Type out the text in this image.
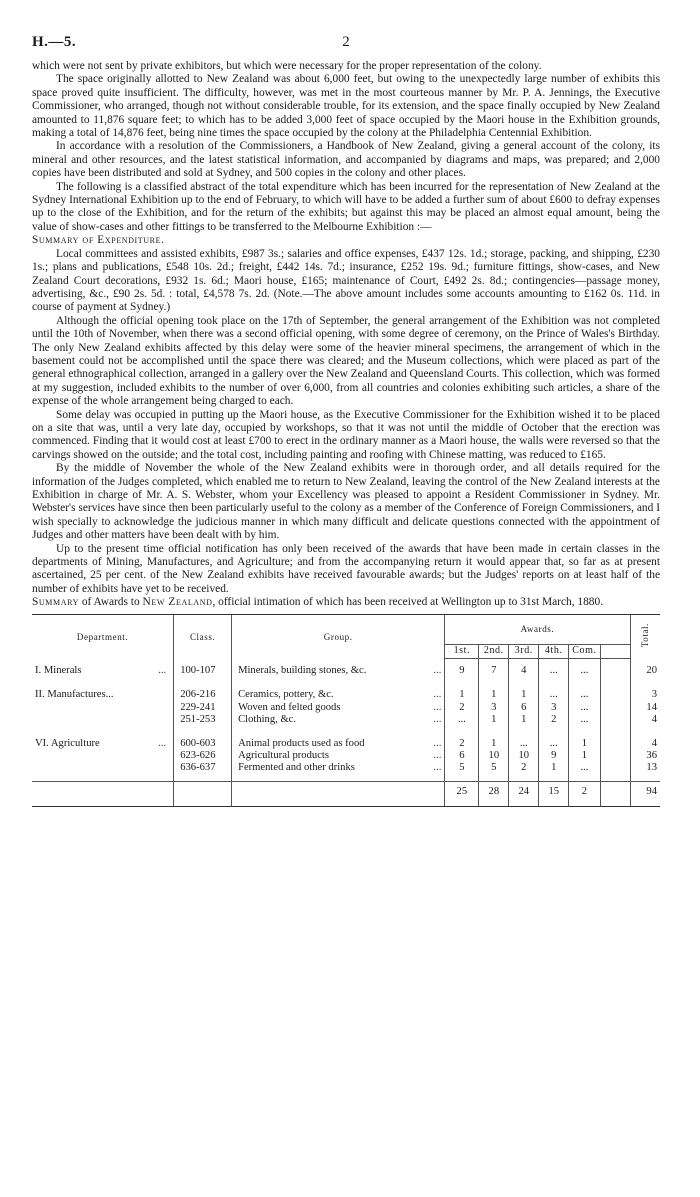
H.—5.	2

which were not sent by private exhibitors, but which were necessary for the proper representation of the colony.

The space originally allotted to New Zealand was about 6,000 feet, but owing to the unexpectedly large number of exhibits this space proved quite insufficient. The difficulty, however, was met in the most courteous manner by Mr. P. A. Jennings, the Executive Commissioner, who arranged, though not without considerable trouble, for its extension, and the space finally occupied by New Zealand amounted to 11,876 square feet; to which has to be added 3,000 feet of space occupied by the Maori house in the Exhibition grounds, making a total of 14,876 feet, being nine times the space occupied by the colony at the Philadelphia Centennial Exhibition.

In accordance with a resolution of the Commissioners, a Handbook of New Zealand, giving a general account of the colony, its mineral and other resources, and the latest statistical information, and accompanied by diagrams and maps, was prepared; and 2,000 copies have been distributed and sold at Sydney, and 500 copies in the colony and other places.

The following is a classified abstract of the total expenditure which has been incurred for the representation of New Zealand at the Sydney International Exhibition up to the end of February, to which will have to be added a further sum of about £600 to defray expenses up to the close of the Exhibition, and for the return of the exhibits; but against this may be placed an almost equal amount, being the value of show-cases and other fittings to be transferred to the Melbourne Exhibition :—

Summary of Expenditure.

Local committees and assisted exhibits, £987 3s.; salaries and office expenses, £437 12s. 1d.; storage, packing, and shipping, £230 1s.; plans and publications, £548 10s. 2d.; freight, £442 14s. 7d.; insurance, £252 19s. 9d.; furniture fittings, show-cases, and New Zealand Court decorations, £932 1s. 6d.; Maori house, £165; maintenance of Court, £492 2s. 8d.; contingencies—passage money, advertising, &c., £90 2s. 5d. : total, £4,578 7s. 2d. (Note.—The above amount includes some accounts amounting to £162 0s. 11d. in course of payment at Sydney.)

Although the official opening took place on the 17th of September, the general arrangement of the Exhibition was not completed until the 10th of November, when there was a second official opening, with some degree of ceremony, on the Prince of Wales's Birthday. The only New Zealand exhibits affected by this delay were some of the heavier mineral specimens, the arrangement of which in the basement could not be accomplished until the space there was cleared; and the Museum collections, which were placed as part of the general ethnographical collection, arranged in a gallery over the New Zealand and Queensland Courts. This collection, which was formed at my suggestion, included exhibits to the number of over 6,000, from all countries and colonies exhibiting such articles, a share of the expense of the whole arrangement being charged to each.

Some delay was occupied in putting up the Maori house, as the Executive Commissioner for the Exhibition wished it to be placed on a site that was, until a very late day, occupied by workshops, so that it was not until the middle of October that the erection was commenced. Finding that it would cost at least £700 to erect in the ordinary manner as a Maori house, the walls were reversed so that the carvings showed on the outside; and the total cost, including painting and roofing with Chinese matting, was reduced to £165.

By the middle of November the whole of the New Zealand exhibits were in thorough order, and all details required for the information of the Judges completed, which enabled me to return to New Zealand, leaving the control of the New Zealand interests at the Exhibition in charge of Mr. A. S. Webster, whom your Excellency was pleased to appoint a Resident Commissioner in Sydney. Mr. Webster's services have since then been particularly useful to the colony as a member of the Conference of Foreign Commissioners, and I wish specially to acknowledge the judicious manner in which many difficult and delicate questions connected with the appointment of Judges and other matters have been dealt with by him.

Up to the present time official notification has only been received of the awards that have been made in certain classes in the departments of Mining, Manufactures, and Agriculture; and from the accompanying return it would appear that, so far as at present ascertained, 25 per cent. of the New Zealand exhibits have received favourable awards; but the Judges' reports on at least half of the number of exhibits have yet to be received.

Summary of Awards to New Zealand, official intimation of which has been received at Wellington up to 31st March, 1880.

Department.	Class.	Group.	Awards.						Total.
			1st.	2nd.	3rd.	4th.	Com.		
I. Minerals ...	100-107	Minerals, building stones, &c. ...	9	7	4	...	...		20
II. Manufactures...	206-216	Ceramics, pottery, &c. ...	1	1	1	...	...		3
	229-241	Woven and felted goods ...	2	3	6	3	...		14
	251-253	Clothing, &c. ...	...	1	1	2	...		4
VI. Agriculture ...	600-603	Animal products used as food ...	2	1	...	...	1		4
	623-626	Agricultural products ...	6	10	10	9	1		36
	636-637	Fermented and other drinks ...	5	5	2	1	...		13
			25	28	24	15	2		94
